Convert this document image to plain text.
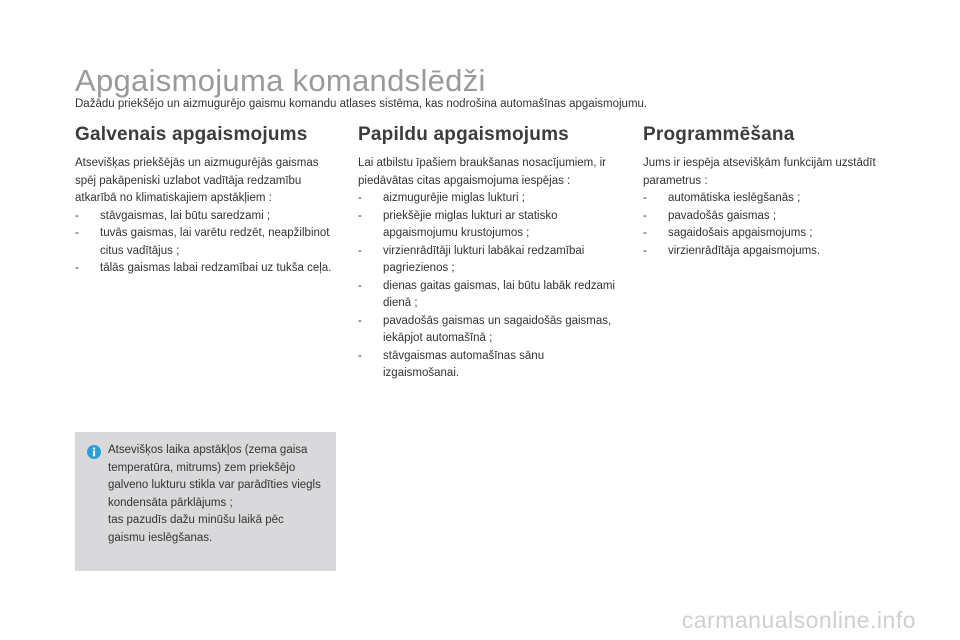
Apgaismojuma komandslēdži
Dažādu priekšējo un aizmugurējo gaismu komandu atlases sistēma, kas nodrošina automašīnas apgaismojumu.
Galvenais apgaismojums

Atsevišķas priekšējās un aizmugurējās gaismas spēj pakāpeniski uzlabot vadītāja redzamību atkarībā no klimatiskajiem apstākļiem :

- stāvgaismas, lai būtu saredzami ;
- tuvās gaismas, lai varētu redzēt, neapžilbinot citus vadītājus ;
- tālās gaismas labai redzamībai uz tukša ceļa.
Papildu apgaismojums

Lai atbilstu īpašiem braukšanas nosacījumiem, ir piedāvātas citas apgaismojuma iespējas :

- aizmugurējie miglas lukturi ;
- priekšējie miglas lukturi ar statisko apgaismojumu krustojumos ;
- virzienrādītāji lukturi labākai redzamībai pagriezienos ;
- dienas gaitas gaismas, lai būtu labāk redzami dienā ;
- pavadošās gaismas un sagaidošās gaismas, iekāpjot automašīnā ;
- stāvgaismas automašīnas sānu izgaismošanai.
Programmēšana

Jums ir iespēja atsevišķām funkcijām uzstādīt parametrus :

- automātiska ieslēgšanās ;
- pavadošās gaismas ;
- sagaidošais apgaismojums ;
- virzienrādītāja apgaismojums.

Atsevišķos laika apstākļos (zema gaisa temperatūra, mitrums) zem priekšējo galveno lukturu stikla var parādīties viegls kondensāta pārklājums ;

tas pazudīs dažu minūšu laikā pēc gaismu ieslēgšanas.

carmanualsonline.info
